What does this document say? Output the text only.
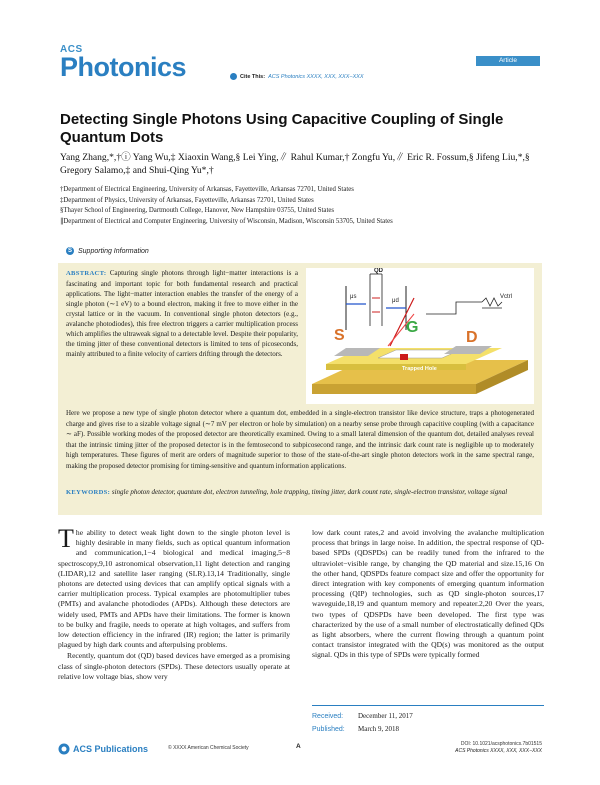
ACS
Photonics	Cite This: ACS Photonics XXXX, XXX, XXX−XXX
Article
Detecting Single Photons Using Capacitive Coupling of Single Quantum Dots
Yang Zhang,*,†ⓘ Yang Wu,‡ Xiaoxin Wang,§ Lei Ying,∥ Rahul Kumar,† Zongfu Yu,∥ Eric R. Fossum,§ Jifeng Liu,*,§ Gregory Salamo,‡ and Shui-Qing Yu*,†
†Department of Electrical Engineering, University of Arkansas, Fayetteville, Arkansas 72701, United States
‡Department of Physics, University of Arkansas, Fayetteville, Arkansas 72701, United States
§Thayer School of Engineering, Dartmouth College, Hanover, New Hampshire 03755, United States
∥Department of Electrical and Computer Engineering, University of Wisconsin, Madison, Wisconsin 53705, United States
S Supporting Information
ABSTRACT: Capturing single photons through light−matter interactions is a fascinating and important topic for both fundamental research and practical applications. The light−matter interaction enables the transfer of the energy of a single photon (∼1 eV) to a bound electron, making it free to move either in the crystal lattice or in the vacuum. In conventional single photon detectors (e.g., avalanche photodiodes), this free electron triggers a carrier multiplication process which amplifies the ultraweak signal to a detectable level. Despite their popularity, the timing jitter of these conventional detectors is limited to tens of picoseconds, mainly attributed to a finite velocity of carriers drifting through the detectors.
QD
μs
μd
Vctrl
S	G
D
Trapped Hole
Here we propose a new type of single photon detector where a quantum dot, embedded in a single-electron transistor like device structure, traps a photogenerated charge and gives rise to a sizable voltage signal (∼7 mV per electron or hole by simulation) on a nearby sense probe through capacitive coupling (with a capacitance ∼ aF). Possible working modes of the proposed detector are theoretically examined. Owing to a small lateral dimension of the quantum dot, detailed analyses reveal that the intrinsic timing jitter of the proposed detector is in the femtosecond to subpicosecond range, and the intrinsic dark count rate is negligible up to moderately high temperatures. These figures of merit are orders of magnitude superior to those of the state-of-the-art single photon detectors work in the same spectral range, making the proposed detector promising for timing-sensitive and quantum information applications.
KEYWORDS: single photon detector, quantum dot, electron tunneling, hole trapping, timing jitter, dark count rate, single-electron transistor, voltage signal

T he ability to detect weak light down to the single photon level is highly desirable in many fields, such as optical quantum information and communication,1−4 biological and medical imaging,5−8 spectroscopy,9,10 astronomical observation,11 light detection and ranging (LIDAR),12 and satellite laser ranging (SLR).13,14 Traditionally, single photons are detected using devices that can amplify optical signals with a carrier multiplication process. Typical examples are photomultiplier tubes (PMTs) and avalanche photodiodes (APDs). Although these detectors are widely used, PMTs and APDs have their limitations. The former is known to be bulky and fragile, needs to operate at high voltages, and suffers from low detection efficiency in the infrared (IR) region; the latter is primarily plagued by high dark counts and afterpulsing problems.

Recently, quantum dot (QD) based devices have emerged as a promising class of single-photon detectors (SPDs). These detectors usually operate at relative low voltage bias, show very

low dark count rates,2 and avoid involving the avalanche multiplication process that brings in large noise. In addition, the spectral response of QD-based SPDs (QDSPDs) can be readily tuned from the infrared to the ultraviolet−visible range, by changing the QD material and size.15,16 On the other hand, QDSPDs feature compact size and offer the opportunity for direct integration with key components of emerging quantum information processing (QIP) technologies, such as QD single-photon sources,17 waveguide,18,19 and quantum memory and repeater.2,20 Over the years, two types of QDSPDs have been developed. The first type was characterized by the use of a small number of electrostatically defined QDs as light absorbers, where the current flowing through a quantum point contact transistor integrated with the QD(s) was monitored as the output signal. QDs in this type of SPDs were typically formed

Received: December 11, 2017
Published: March 9, 2018
ACS Publications	© XXXX American Chemical Society	A	DOI: 10.1021/acsphotonics.7b01515
ACS Photonics XXXX, XXX, XXX−XXX
